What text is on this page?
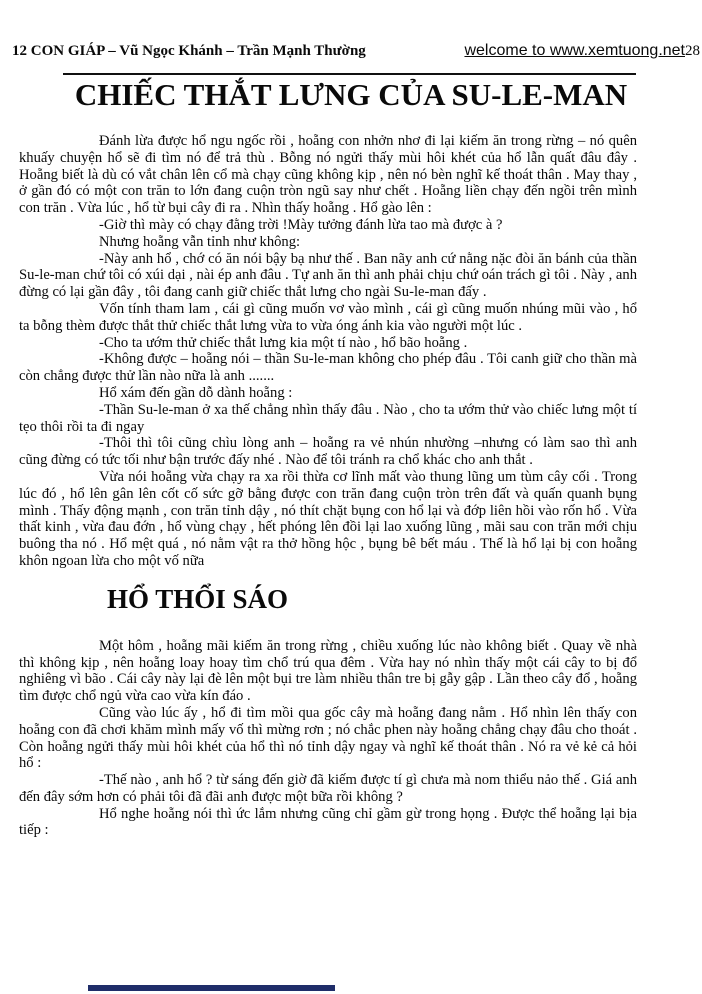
12 CON GIÁP – Vũ Ngọc Khánh – Trần Mạnh Thường	welcome to www.xemtuong.net28
CHIẾC THẮT LƯNG CỦA SU-LE-MAN

Đánh lừa được hổ ngu ngốc rồi , hoẵng con nhởn nhơ đi lại kiếm ăn trong rừng – nó quên khuấy chuyện hổ sẽ đi tìm nó để trả thù . Bỗng nó ngửi thấy mùi hôi khét của hổ lẫn quất đâu đây . Hoẵng biết là dù có vắt chân lên cổ mà chạy cũng không kịp , nên nó bèn nghĩ kế thoát thân . May thay , ở gần đó có một con trăn to lớn đang cuộn tròn ngũ say như chết . Hoẵng liền chạy đến ngồi trên mình con trăn . Vừa lúc , hổ từ bụi cây đi ra . Nhìn thấy hoẵng . Hổ gào lên :

-Giờ thì mày có chạy đằng trời !Mày tưởng đánh lừa tao mà được à ?

Nhưng hoẵng vẫn tỉnh như không:

-Này anh hổ , chớ có ăn nói bậy bạ như thế . Ban nãy anh cứ nằng nặc đòi ăn bánh của thần Su-le-man chứ tôi có xúi dại , nài ép anh đâu . Tự anh ăn thì anh phải chịu chứ oán trách gì tôi . Này , anh đừng có lại gần đây , tôi đang canh giữ chiếc thắt lưng cho ngài Su-le-man đấy .

Vốn tính tham lam , cái gì cũng muốn vơ vào mình , cái gì cũng muốn nhúng mũi vào , hổ ta bỗng thèm được thắt thử chiếc thắt lưng vừa to vừa óng ánh kia vào người một lúc .

-Cho ta ướm thử chiếc thắt lưng kia một tí nào , hổ bão hoẵng .

-Không được – hoẵng nói – thần Su-le-man không cho phép đâu . Tôi canh giữ cho thần mà còn chẳng được thử lần nào nữa là anh .......

Hổ xám đến gần dỗ dành hoẵng :

-Thần Su-le-man ở xa thế chẳng nhìn thấy đâu . Nào , cho ta ướm thử vào chiếc lưng một tí tẹo thôi rồi ta đi ngay

-Thôi thì tôi cũng chìu lòng anh – hoẵng ra vẻ nhún nhường –nhưng có làm sao thì anh cũng đừng có tức tối như bận trước đấy nhé . Nào để tôi tránh ra chổ khác cho anh thắt .

Vừa nói hoẵng vừa chạy ra xa rồi thừa cơ lĩnh mất vào thung lũng um tùm cây cối . Trong lúc đó , hổ lên gân lên cốt cố sức gỡ bằng được con trăn đang cuộn tròn trên đất và quấn quanh bụng mình . Thấy động mạnh , con trăn tỉnh dậy , nó thít chặt bụng con hổ lại và đớp liên hồi vào rốn hổ . Vừa thất kinh , vừa đau đớn , hổ vùng chạy , hết phóng lên đồi lại lao xuống lũng , mãi sau con trăn mới chịu buông tha nó . Hổ mệt quá , nó nằm vật ra thở hồng hộc , bụng bê bết máu . Thế là hổ lại bị con hoẵng khôn ngoan lừa cho một vố nữa

HỔ THỔI SÁO

Một hôm , hoẵng mãi kiếm ăn trong rừng , chiều xuống lúc nào không biết . Quay về nhà thì không kịp , nên hoẵng loay hoay tìm chổ trú qua đêm . Vừa hay nó nhìn thấy một cái cây to bị đổ nghiêng vì bão . Cái cây này lại đè lên một bụi tre làm nhiều thân tre bị gẫy gập . Lần theo cây đổ , hoẵng tìm được chổ ngủ vừa cao vừa kín đáo .

Cũng vào lúc ấy , hổ đi tìm mồi qua gốc cây mà hoẵng đang nằm . Hổ nhìn lên thấy con hoẵng con đã chơi khăm mình mấy vố thì mừng rơn ; nó chắc phen này hoẵng chẳng chạy đâu cho thoát . Còn hoẵng ngửi thấy mùi hôi khét của hổ thì nó tỉnh dậy ngay và nghĩ kế thoát thân . Nó ra vẻ kẻ cả hỏi hổ :

-Thế nào , anh hổ ? từ sáng đến giờ đã kiếm được tí gì chưa mà nom thiểu nảo thế . Giá anh đến đây sớm hơn có phải tôi đã đãi anh được một bữa rồi không ?

Hổ nghe hoẵng nói thì ức lắm nhưng cũng chỉ gầm gừ trong họng . Được thể hoẵng lại bịa tiếp :
